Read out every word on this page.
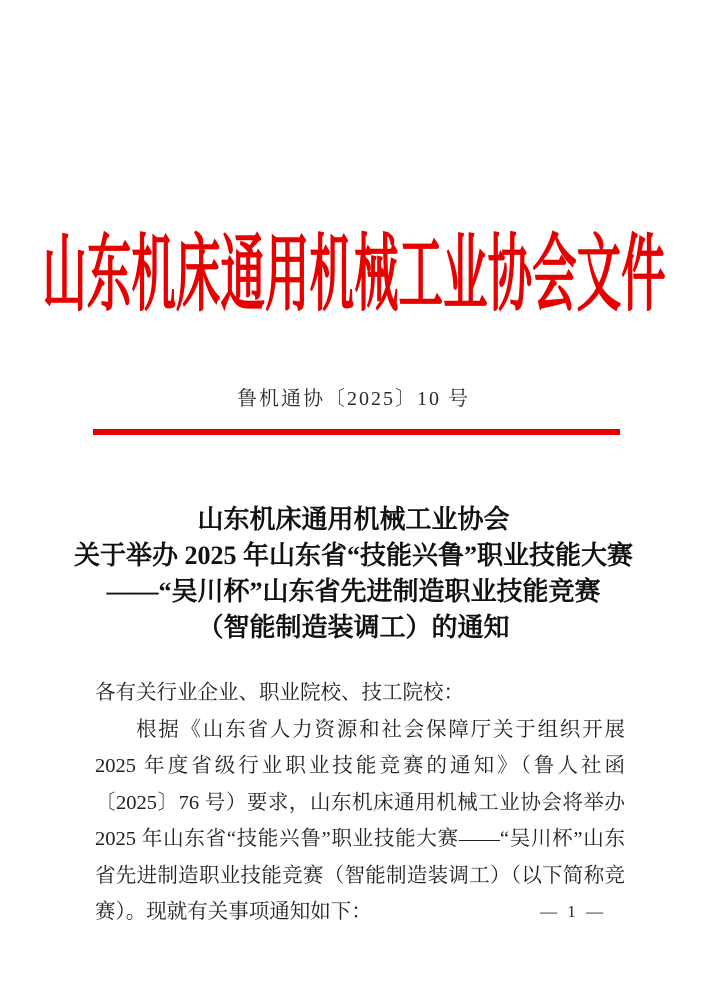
山东机床通用机械工业协会文件
鲁机通协〔2025〕10 号
山东机床通用机械工业协会
关于举办 2025 年山东省“技能兴鲁”职业技能大赛
——“吴川杯”山东省先进制造职业技能竞赛
（智能制造装调工）的通知

各有关行业企业、职业院校、技工院校：

根据《山东省人力资源和社会保障厅关于组织开展 2025 年度省级行业职业技能竞赛的通知》（鲁人社函〔2025〕76 号）要求，山东机床通用机械工业协会将举办 2025 年山东省“技能兴鲁”职业技能大赛——“吴川杯”山东省先进制造职业技能竞赛（智能制造装调工）（以下简称竞赛）。现就有关事项通知如下：	— 1 —
